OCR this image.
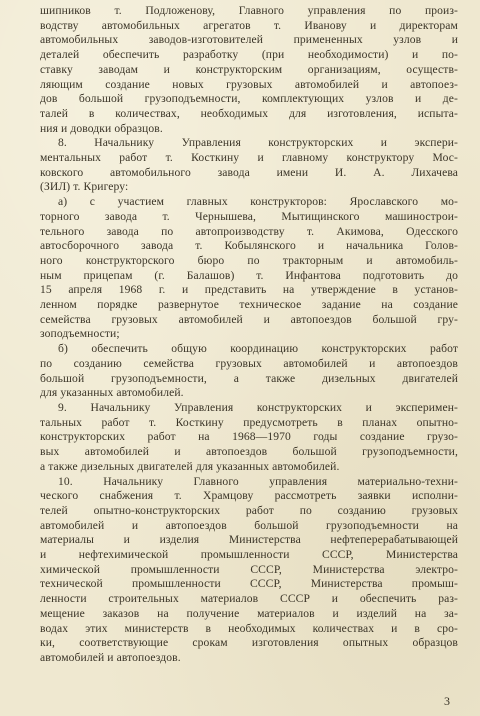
шипников т. Подложенову, Главного управления по произ-
водству автомобильных агрегатов т. Иванову и директорам
автомобильных заводов-изготовителей примененных узлов и
деталей обеспечить разработку (при необходимости) и по-
ставку заводам и конструкторским организациям, осуществ-
ляющим создание новых грузовых автомобилей и автопоез-
дов большой грузоподъемности, комплектующих узлов и де-
талей в количествах, необходимых для изготовления, испыта-
ния и доводки образцов.
8. Начальнику Управления конструкторских и экспери-
ментальных работ т. Косткину и главному конструктору Мос-
ковского автомобильного завода имени И. А. Лихачева
(ЗИЛ) т. Кригеру:
а) с участием главных конструкторов: Ярославского мо-
торного завода т. Чернышева, Мытищинского машинострои-
тельного завода по автопроизводству т. Акимова, Одесского
автосборочного завода т. Кобылянского и начальника Голов-
ного конструкторского бюро по тракторным и автомобиль-
ным прицепам (г. Балашов) т. Инфантова подготовить до
15 апреля 1968 г. и представить на утверждение в установ-
ленном порядке развернутое техническое задание на создание
семейства грузовых автомобилей и автопоездов большой гру-
зоподъемности;
б) обеспечить общую координацию конструкторских работ
по созданию семейства грузовых автомобилей и автопоездов
большой грузоподъемности, а также дизельных двигателей
для указанных автомобилей.
9. Начальнику Управления конструкторских и эксперимен-
тальных работ т. Косткину предусмотреть в планах опытно-
конструкторских работ на 1968—1970 годы создание грузо-
вых автомобилей и автопоездов большой грузоподъемности,
а также дизельных двигателей для указанных автомобилей.
10. Начальнику Главного управления материально-техни-
ческого снабжения т. Храмцову рассмотреть заявки исполни-
телей опытно-конструкторских работ по созданию грузовых
автомобилей и автопоездов большой грузоподъемности на
материалы и изделия Министерства нефтеперерабатывающей
и нефтехимической промышленности СССР, Министерства
химической промышленности СССР, Министерства электро-
технической промышленности СССР, Министерства промыш-
ленности строительных материалов СССР и обеспечить раз-
мещение заказов на получение материалов и изделий на за-
водах этих министерств в необходимых количествах и в сро-
ки, соответствующие срокам изготовления опытных образцов
автомобилей и автопоездов.
3
